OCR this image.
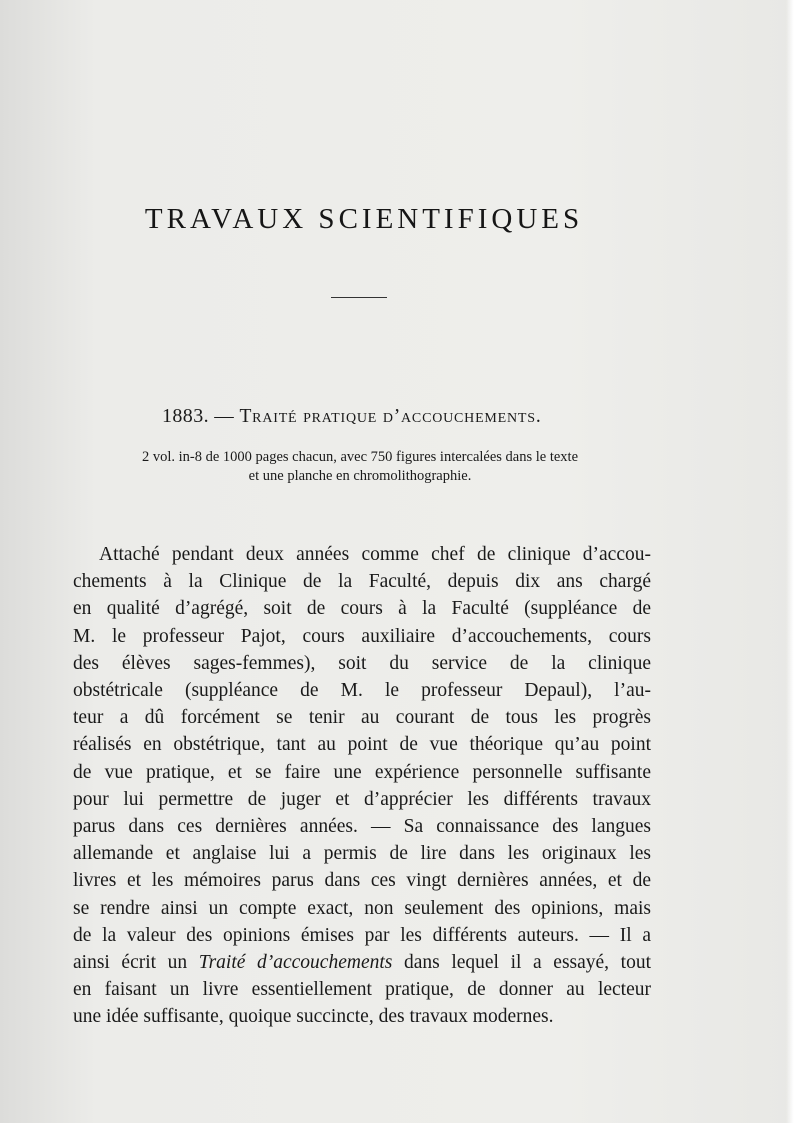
TRAVAUX SCIENTIFIQUES
1883. — Traité pratique d’accouchements.

2 vol. in-8 de 1000 pages chacun, avec 750 figures intercalées dans le texte
et une planche en chromolithographie.

Attaché pendant deux années comme chef de clinique d’accou-
chements à la Clinique de la Faculté, depuis dix ans chargé
en qualité d’agrégé, soit de cours à la Faculté (suppléance de
M. le professeur Pajot, cours auxiliaire d’accouchements, cours
des élèves sages-femmes), soit du service de la clinique
obstétricale (suppléance de M. le professeur Depaul), l’au-
teur a dû forcément se tenir au courant de tous les progrès
réalisés en obstétrique, tant au point de vue théorique qu’au point
de vue pratique, et se faire une expérience personnelle suffisante
pour lui permettre de juger et d’apprécier les différents travaux
parus dans ces dernières années. — Sa connaissance des langues
allemande et anglaise lui a permis de lire dans les originaux les
livres et les mémoires parus dans ces vingt dernières années, et de
se rendre ainsi un compte exact, non seulement des opinions, mais
de la valeur des opinions émises par les différents auteurs. — Il a
ainsi écrit un Traité d’accouchements dans lequel il a essayé, tout
en faisant un livre essentiellement pratique, de donner au lecteur
une idée suffisante, quoique succincte, des travaux modernes.
